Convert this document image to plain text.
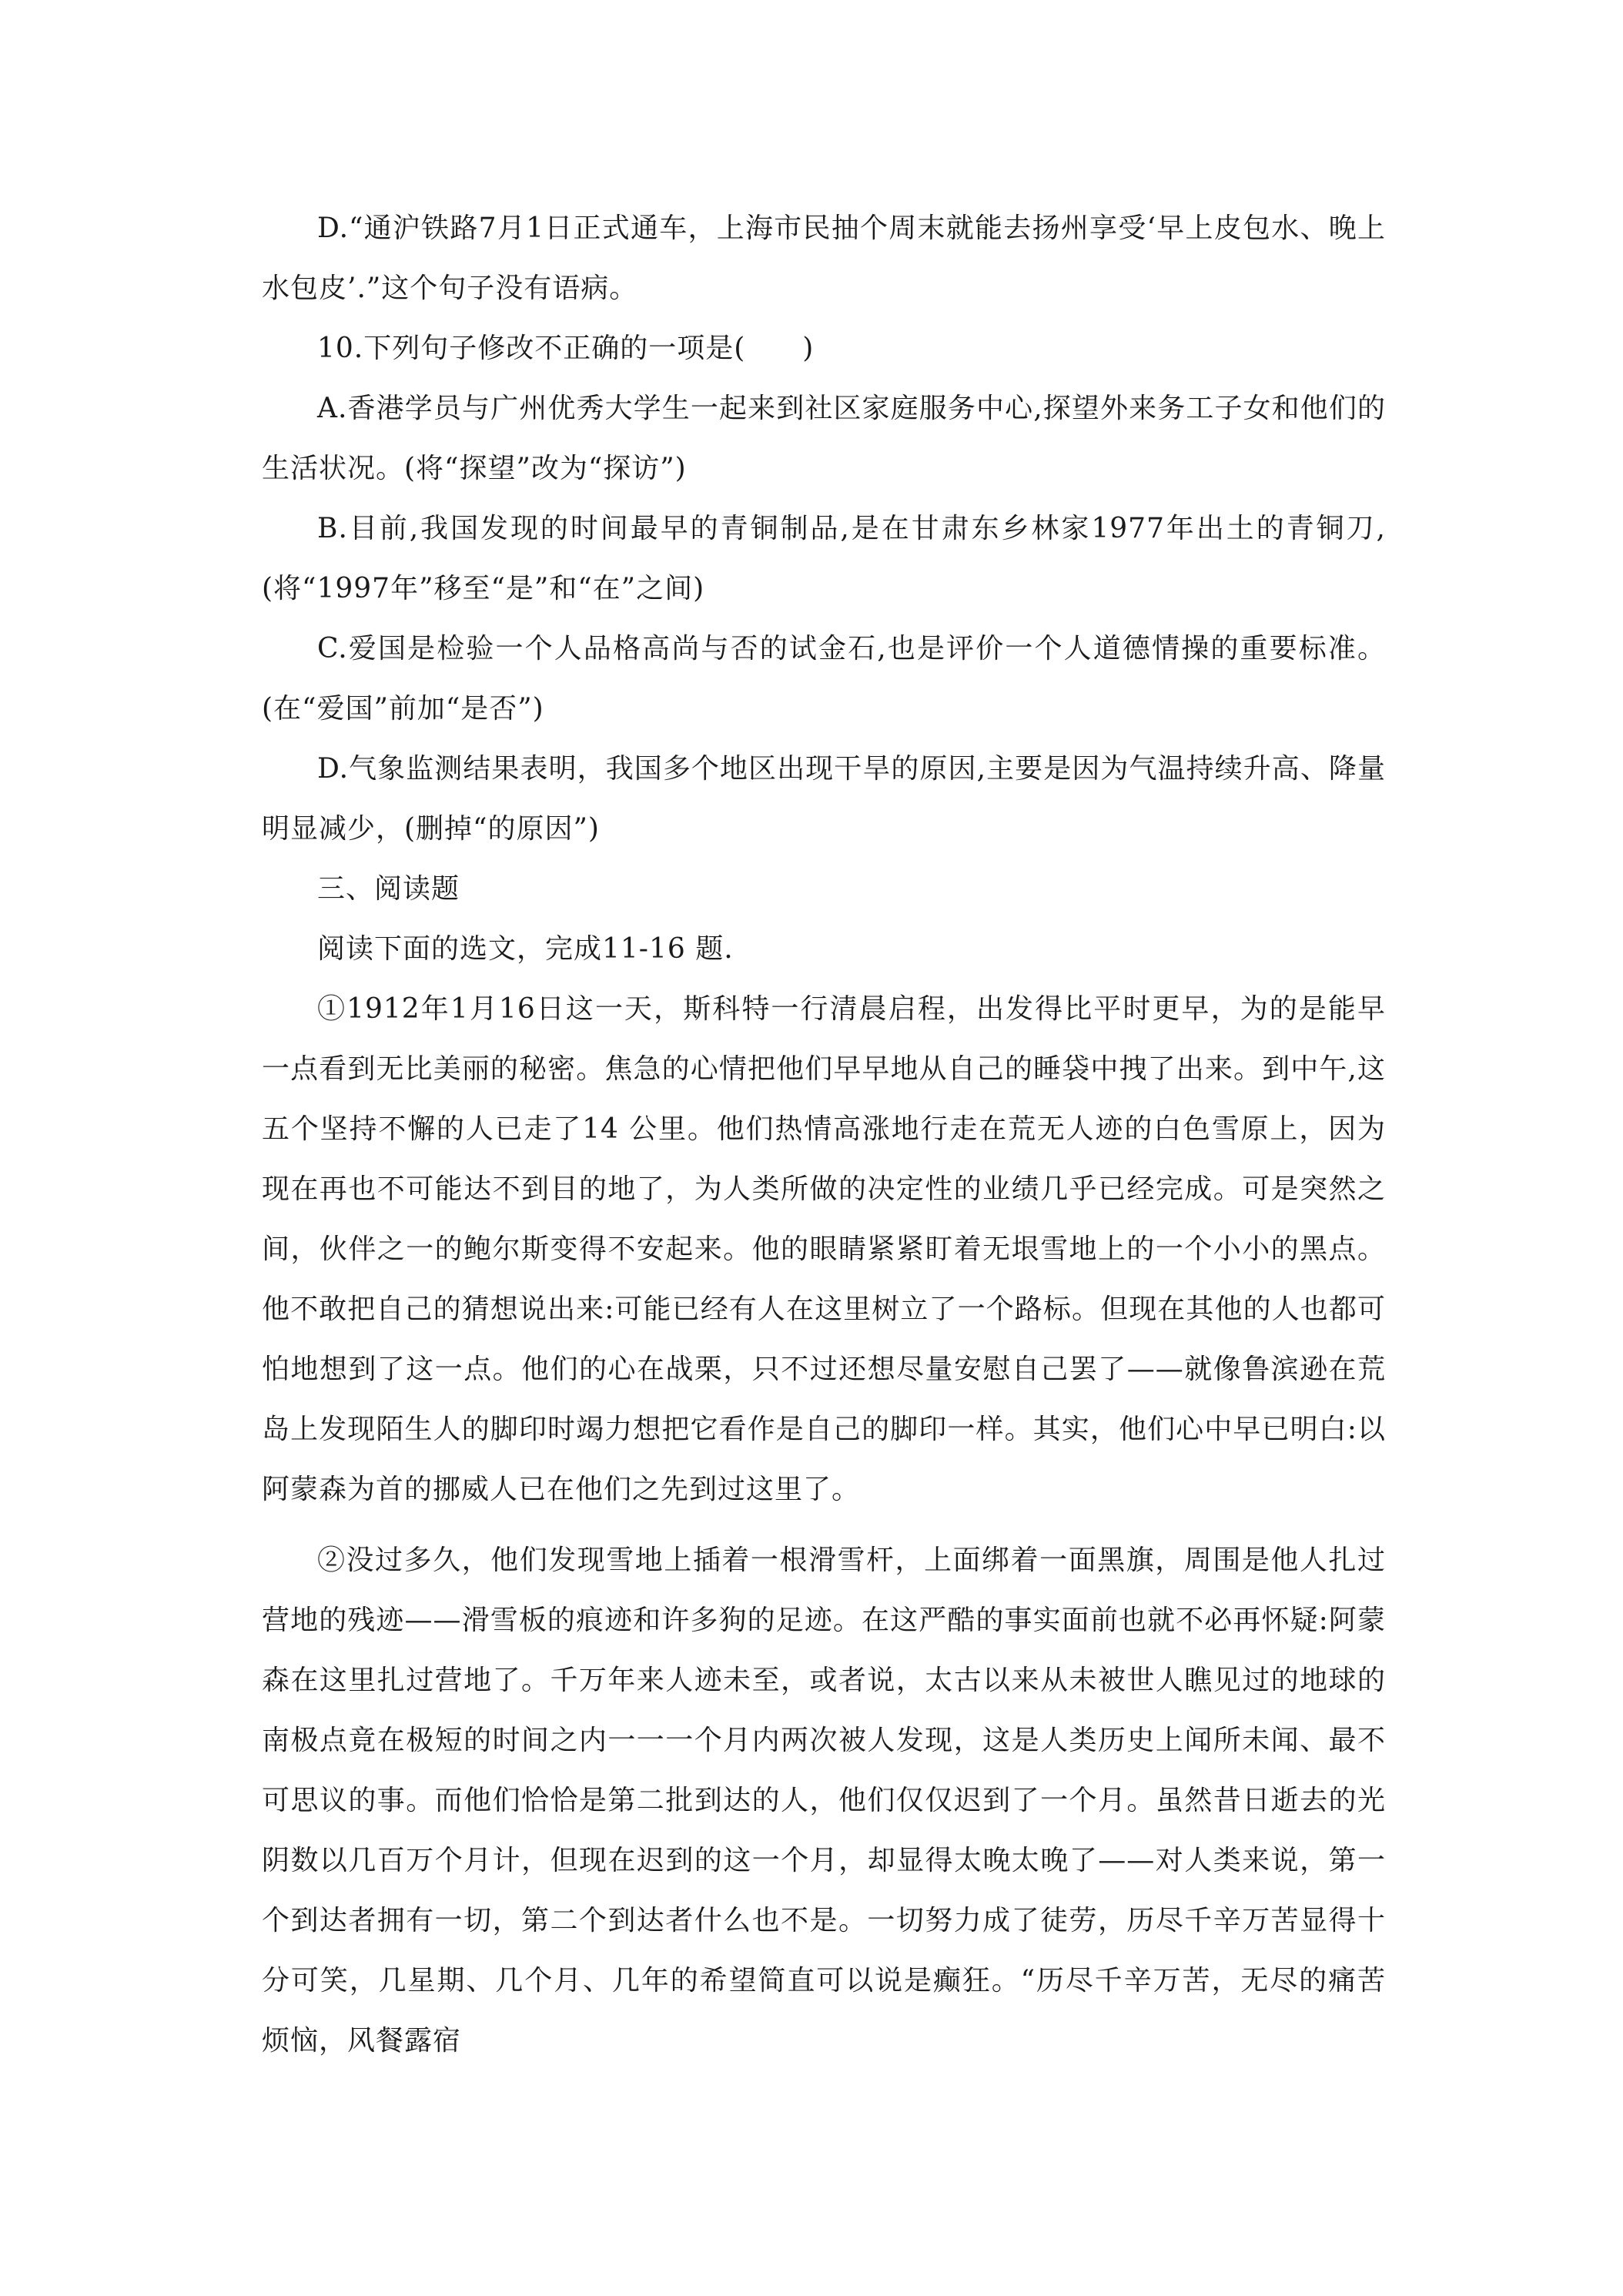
D.“通沪铁路7月1日正式通车，上海市民抽个周末就能去扬州享受‘早上皮包水、晚上水包皮’.”这个句子没有语病。

10.下列句子修改不正确的一项是(　　)

A.香港学员与广州优秀大学生一起来到社区家庭服务中心,探望外来务工子女和他们的生活状况。(将“探望”改为“探访”)

B.目前,我国发现的时间最早的青铜制品,是在甘肃东乡林家1977年出土的青铜刀,(将“1997年”移至“是”和“在”之间)

C.爱国是检验一个人品格高尚与否的试金石,也是评价一个人道德情操的重要标准。(在“爱国”前加“是否”)

D.气象监测结果表明，我国多个地区出现干旱的原因,主要是因为气温持续升高、降量明显减少，(删掉“的原因”)

三、阅读题

阅读下面的选文，完成11-16 题.

①1912年1月16日这一天，斯科特一行清晨启程，出发得比平时更早，为的是能早一点看到无比美丽的秘密。焦急的心情把他们早早地从自己的睡袋中拽了出来。到中午,这五个坚持不懈的人已走了14 公里。他们热情高涨地行走在荒无人迹的白色雪原上，因为现在再也不可能达不到目的地了，为人类所做的决定性的业绩几乎已经完成。可是突然之间，伙伴之一的鲍尔斯变得不安起来。他的眼睛紧紧盯着无垠雪地上的一个小小的黑点。他不敢把自己的猜想说出来:可能已经有人在这里树立了一个路标。但现在其他的人也都可怕地想到了这一点。他们的心在战栗，只不过还想尽量安慰自己罢了——就像鲁滨逊在荒岛上发现陌生人的脚印时竭力想把它看作是自己的脚印一样。其实，他们心中早已明白:以阿蒙森为首的挪威人已在他们之先到过这里了。

②没过多久，他们发现雪地上插着一根滑雪杆，上面绑着一面黑旗，周围是他人扎过营地的残迹——滑雪板的痕迹和许多狗的足迹。在这严酷的事实面前也就不必再怀疑:阿蒙森在这里扎过营地了。千万年来人迹未至，或者说，太古以来从未被世人瞧见过的地球的南极点竟在极短的时间之内一一一个月内两次被人发现，这是人类历史上闻所未闻、最不可思议的事。而他们恰恰是第二批到达的人，他们仅仅迟到了一个月。虽然昔日逝去的光阴数以几百万个月计，但现在迟到的这一个月，却显得太晚太晚了——对人类来说，第一个到达者拥有一切，第二个到达者什么也不是。一切努力成了徒劳，历尽千辛万苦显得十分可笑，几星期、几个月、几年的希望简直可以说是癫狂。“历尽千辛万苦，无尽的痛苦烦恼，风餐露宿
